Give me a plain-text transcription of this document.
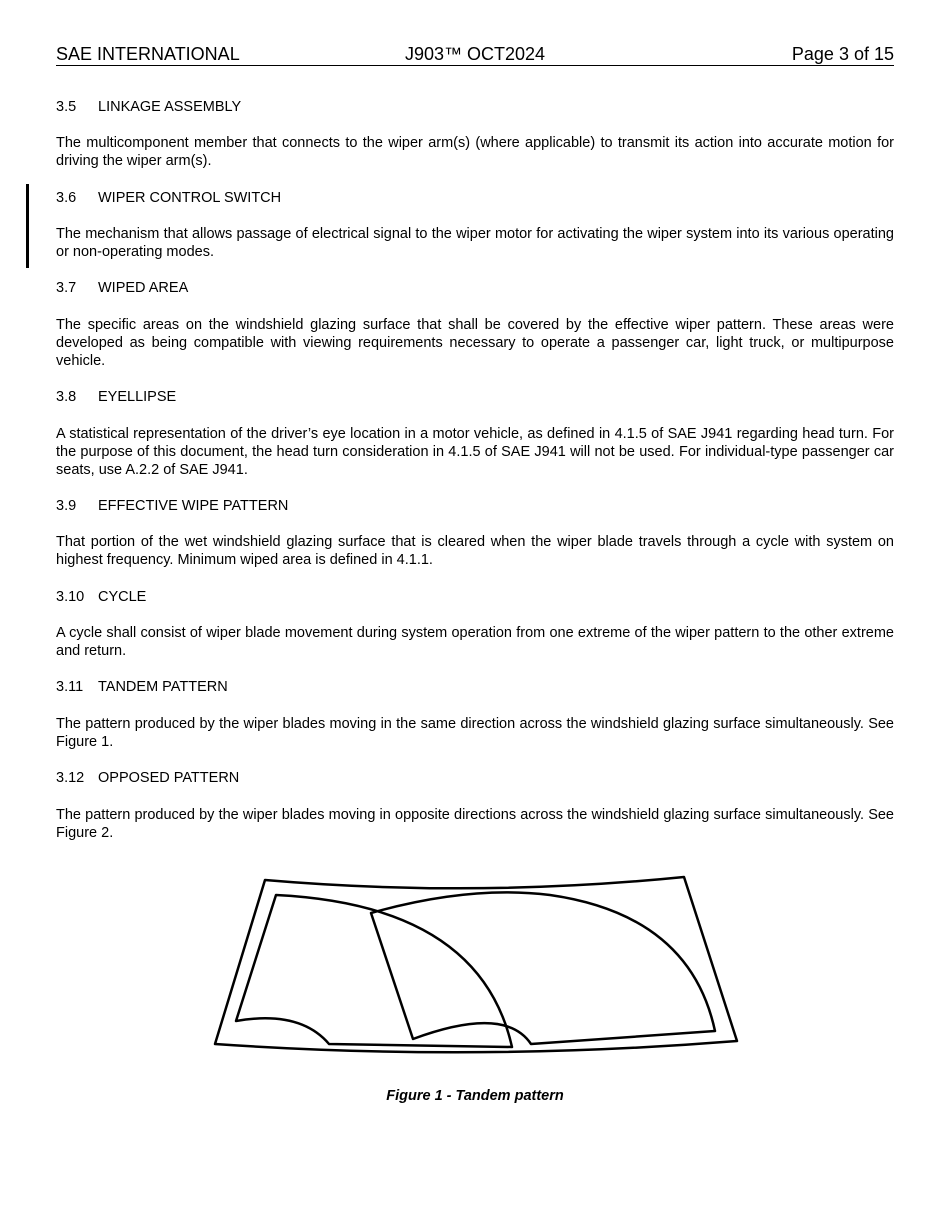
SAE INTERNATIONAL	J903™ OCT2024	Page 3 of 15
3.5 LINKAGE ASSEMBLY

The multicomponent member that connects to the wiper arm(s) (where applicable) to transmit its action into accurate motion for driving the wiper arm(s).

3.6 WIPER CONTROL SWITCH

The mechanism that allows passage of electrical signal to the wiper motor for activating the wiper system into its various operating or non-operating modes.

3.7 WIPED AREA

The specific areas on the windshield glazing surface that shall be covered by the effective wiper pattern. These areas were developed as being compatible with viewing requirements necessary to operate a passenger car, light truck, or multipurpose vehicle.

3.8 EYELLIPSE

A statistical representation of the driver’s eye location in a motor vehicle, as defined in 4.1.5 of SAE J941 regarding head turn. For the purpose of this document, the head turn consideration in 4.1.5 of SAE J941 will not be used. For individual-type passenger car seats, use A.2.2 of SAE J941.

3.9 EFFECTIVE WIPE PATTERN

That portion of the wet windshield glazing surface that is cleared when the wiper blade travels through a cycle with system on highest frequency. Minimum wiped area is defined in 4.1.1.

3.10 CYCLE

A cycle shall consist of wiper blade movement during system operation from one extreme of the wiper pattern to the other extreme and return.

3.11 TANDEM PATTERN

The pattern produced by the wiper blades moving in the same direction across the windshield glazing surface simultaneously. See Figure 1.

3.12 OPPOSED PATTERN

The pattern produced by the wiper blades moving in opposite directions across the windshield glazing surface simultaneously. See Figure 2.

Figure 1 - Tandem pattern
